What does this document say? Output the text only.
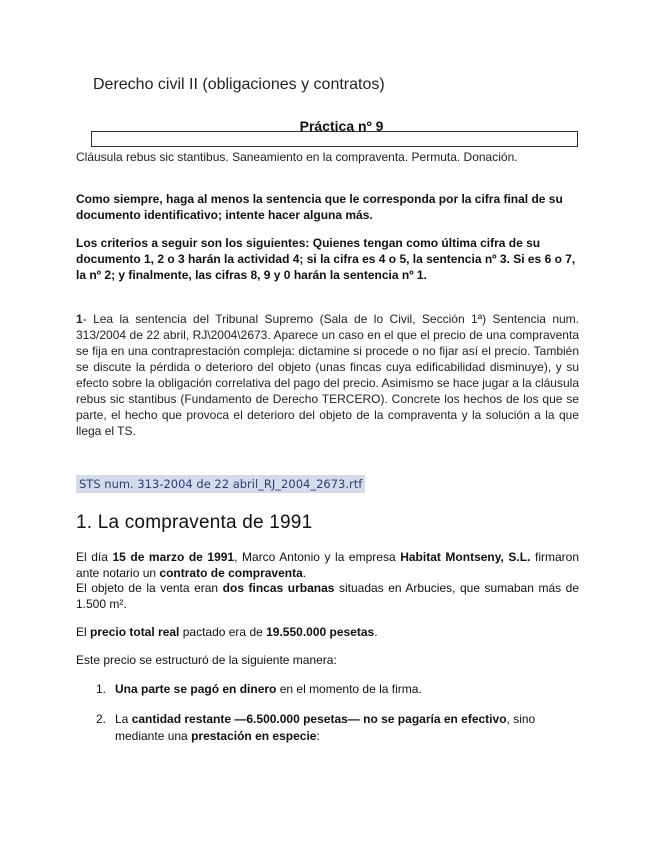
Derecho civil II (obligaciones y contratos)
Práctica nº 9
Cláusula rebus sic stantibus. Saneamiento en la compraventa. Permuta. Donación.

Como siempre, haga al menos la sentencia que le corresponda por la cifra final de su documento identificativo; intente hacer alguna más.

Los criterios a seguir son los siguientes: Quienes tengan como última cifra de su documento 1, 2 o 3 harán la actividad 4; si la cifra es 4 o 5, la sentencia nº 3. Si es 6 o 7, la nº 2; y finalmente, las cifras 8, 9 y 0 harán la sentencia nº 1.

1- Lea la sentencia del Tribunal Supremo (Sala de lo Civil, Sección 1ª) Sentencia num. 313/2004 de 22 abril, RJ\2004\2673. Aparece un caso en el que el precio de una compraventa se fija en una contraprestación compleja: dictamine si procede o no fijar así el precio. También se discute la pérdida o deterioro del objeto (unas fincas cuya edificabilidad disminuye), y su efecto sobre la obligación correlativa del pago del precio. Asimismo se hace jugar a la cláusula rebus sic stantibus (Fundamento de Derecho TERCERO). Concrete los hechos de los que se parte, el hecho que provoca el deterioro del objeto de la compraventa y la solución a la que llega el TS.

STS num. 313-2004 de 22 abril_RJ_2004_2673.rtf
1. La compraventa de 1991

El día 15 de marzo de 1991, Marco Antonio y la empresa Habitat Montseny, S.L. firmaron ante notario un contrato de compraventa.

El objeto de la venta eran dos fincas urbanas situadas en Arbucies, que sumaban más de 1.500 m².

El precio total real pactado era de 19.550.000 pesetas.

Este precio se estructuró de la siguiente manera:

1. Una parte se pagó en dinero en el momento de la firma.
2. La cantidad restante —6.500.000 pesetas— no se pagaría en efectivo, sino mediante una prestación en especie:
